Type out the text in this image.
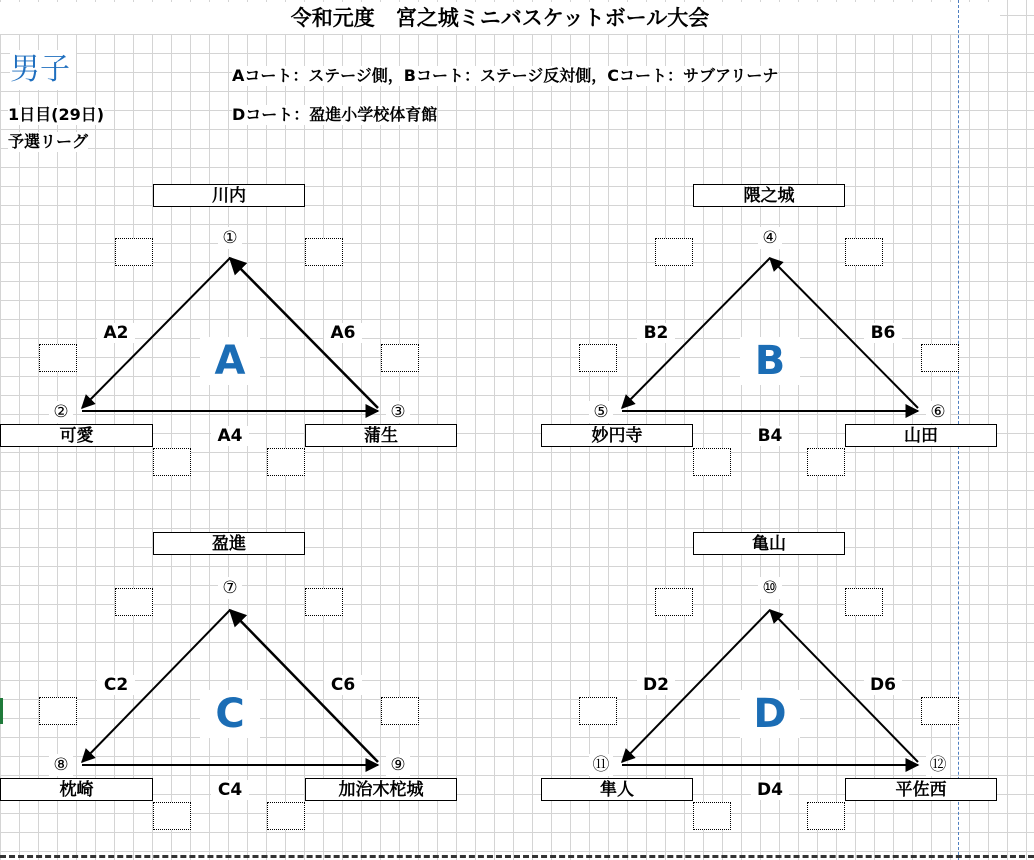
令和元度　宮之城ミニバスケットボール大会
男子	Aコート：ステージ側，Bコート：ステージ反対側，Cコート：サブアリーナ
Dコート：盈進小学校体育館
1日目(29日)
予選リーグ
川内
①
②	③
A2	A6
A
可愛	A4	蒲生
隈之城
④
⑤	⑥
B2	B6
B
妙円寺	B4	山田
盈進
⑦
⑧	⑨
C2	C6
C
枕崎	C4	加治木柁城
亀山
⑩
⑪	⑫
D2	D6
D
隼人	D4	平佐西
